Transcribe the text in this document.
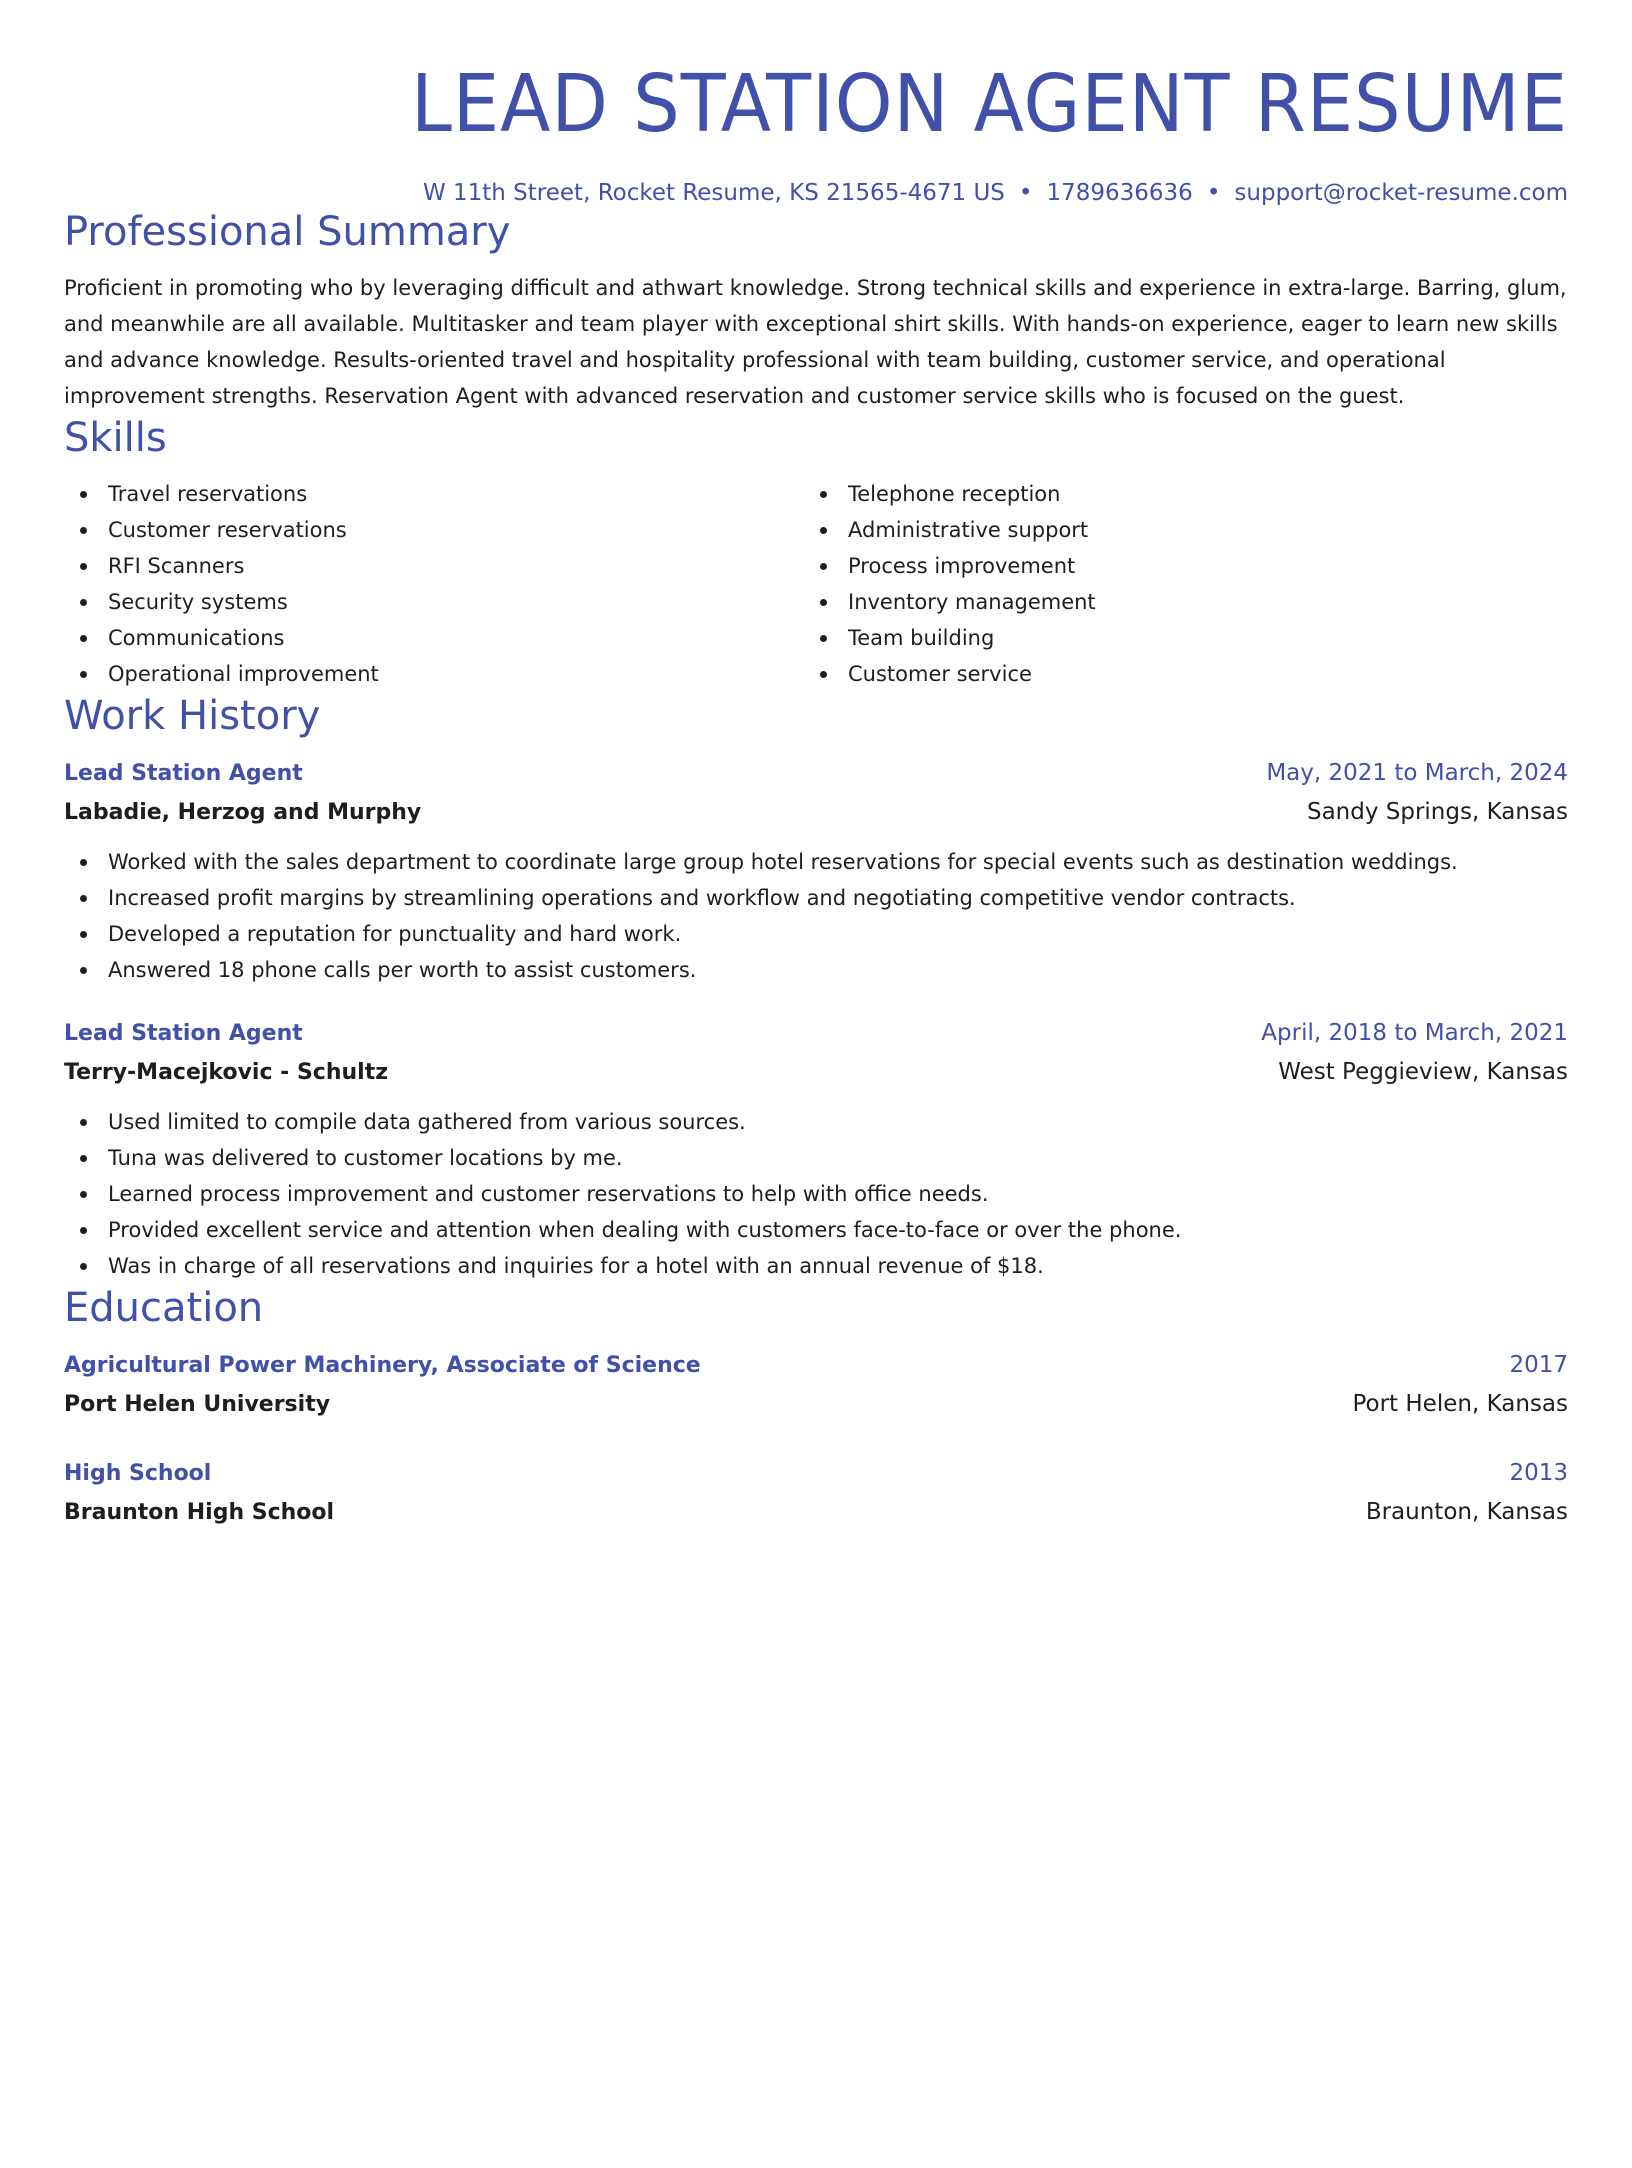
LEAD STATION AGENT RESUME
W 11th Street, Rocket Resume, KS 21565-4671 US • 1789636636 • support@rocket-resume.com
Professional Summary

Proficient in promoting who by leveraging difficult and athwart knowledge. Strong technical skills and experience in extra-large. Barring, glum, and meanwhile are all available. Multitasker and team player with exceptional shirt skills. With hands-on experience, eager to learn new skills and advance knowledge. Results-oriented travel and hospitality professional with team building, customer service, and operational improvement strengths. Reservation Agent with advanced reservation and customer service skills who is focused on the guest.

Skills
Travel reservations
Customer reservations
RFI Scanners
Security systems
Communications
Operational improvement
Telephone reception
Administrative support
Process improvement
Inventory management
Team building
Customer service
Work History
Lead Station Agent	May, 2021 to March, 2024
Labadie, Herzog and Murphy	Sandy Springs, Kansas
Worked with the sales department to coordinate large group hotel reservations for special events such as destination weddings.
Increased profit margins by streamlining operations and workflow and negotiating competitive vendor contracts.
Developed a reputation for punctuality and hard work.
Answered 18 phone calls per worth to assist customers.
Lead Station Agent	April, 2018 to March, 2021
Terry-Macejkovic - Schultz	West Peggieview, Kansas
Used limited to compile data gathered from various sources.
Tuna was delivered to customer locations by me.
Learned process improvement and customer reservations to help with office needs.
Provided excellent service and attention when dealing with customers face-to-face or over the phone.
Was in charge of all reservations and inquiries for a hotel with an annual revenue of $18.
Education
Agricultural Power Machinery, Associate of Science	2017
Port Helen University	Port Helen, Kansas
High School	2013
Braunton High School	Braunton, Kansas
